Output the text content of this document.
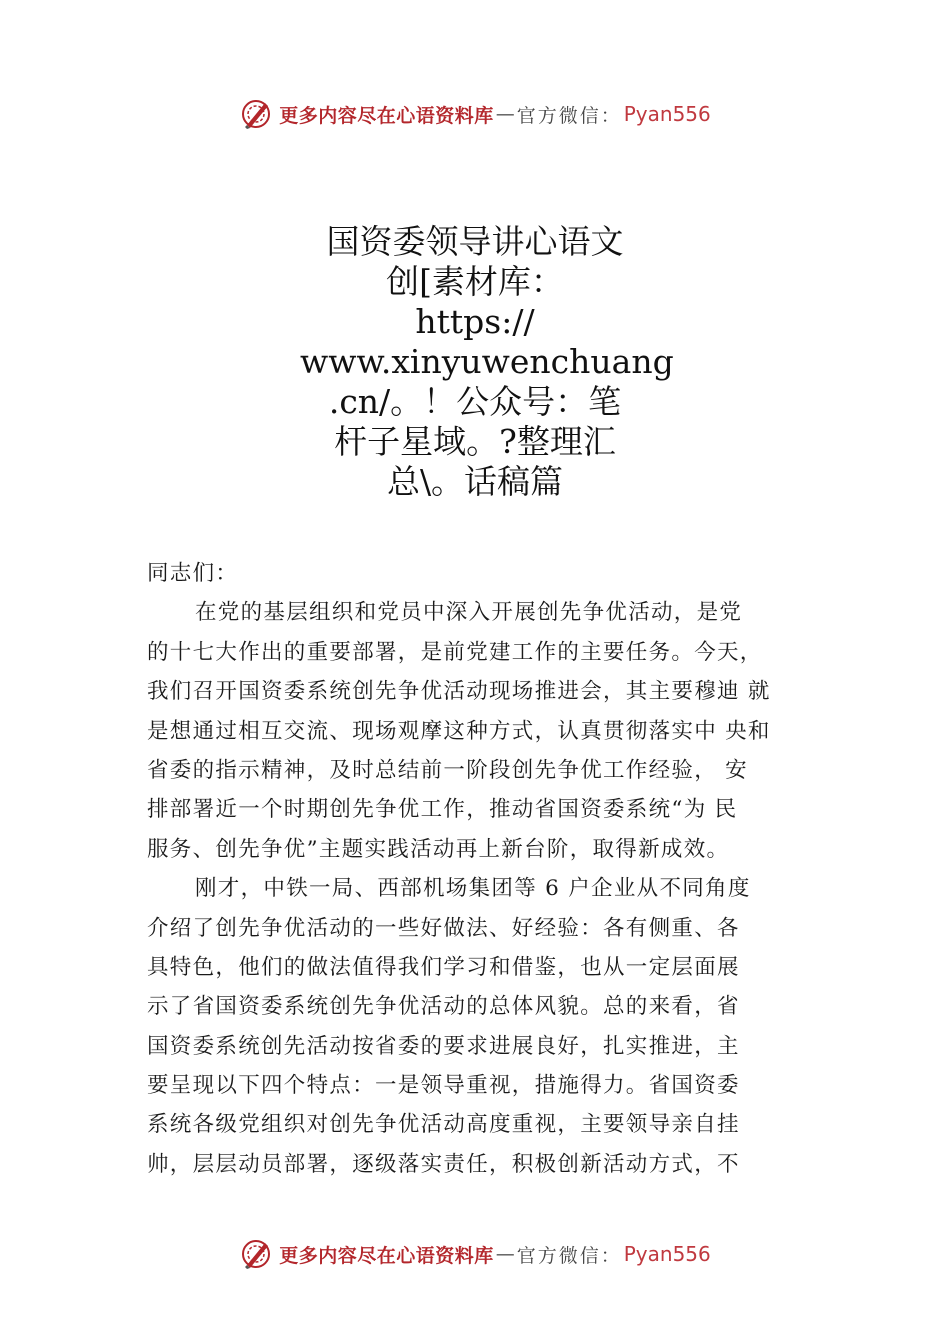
更多内容尽在心语资料库 — 官方微信： Pyan556
国资委领导讲心语文
创[素材库：
https://
www.xinyuwenchuang
.cn/。！公众号：笔
杆子星域。?整理汇
总\。话稿篇
同志们：
在党的基层组织和党员中深入开展创先争优活动，是党
的十七大作出的重要部署，是前党建工作的主要任务。今天，
我们召开国资委系统创先争优活动现场推进会，其主要穆迪 就
是想通过相互交流、现场观摩这种方式，认真贯彻落实中 央和
省委的指示精神，及时总结前一阶段创先争优工作经验， 安
排部署近一个时期创先争优工作，推动省国资委系统“为 民
服务、创先争优”主题实践活动再上新台阶，取得新成效。
刚才，中铁一局、西部机场集团等 6 户企业从不同角度
介绍了创先争优活动的一些好做法、好经验：各有侧重、各
具特色，他们的做法值得我们学习和借鉴，也从一定层面展
示了省国资委系统创先争优活动的总体风貌。总的来看，省
国资委系统创先活动按省委的要求进展良好，扎实推进，主
要呈现以下四个特点：一是领导重视，措施得力。省国资委
系统各级党组织对创先争优活动高度重视，主要领导亲自挂
帅，层层动员部署，逐级落实责任，积极创新活动方式，不
更多内容尽在心语资料库 — 官方微信： Pyan556
